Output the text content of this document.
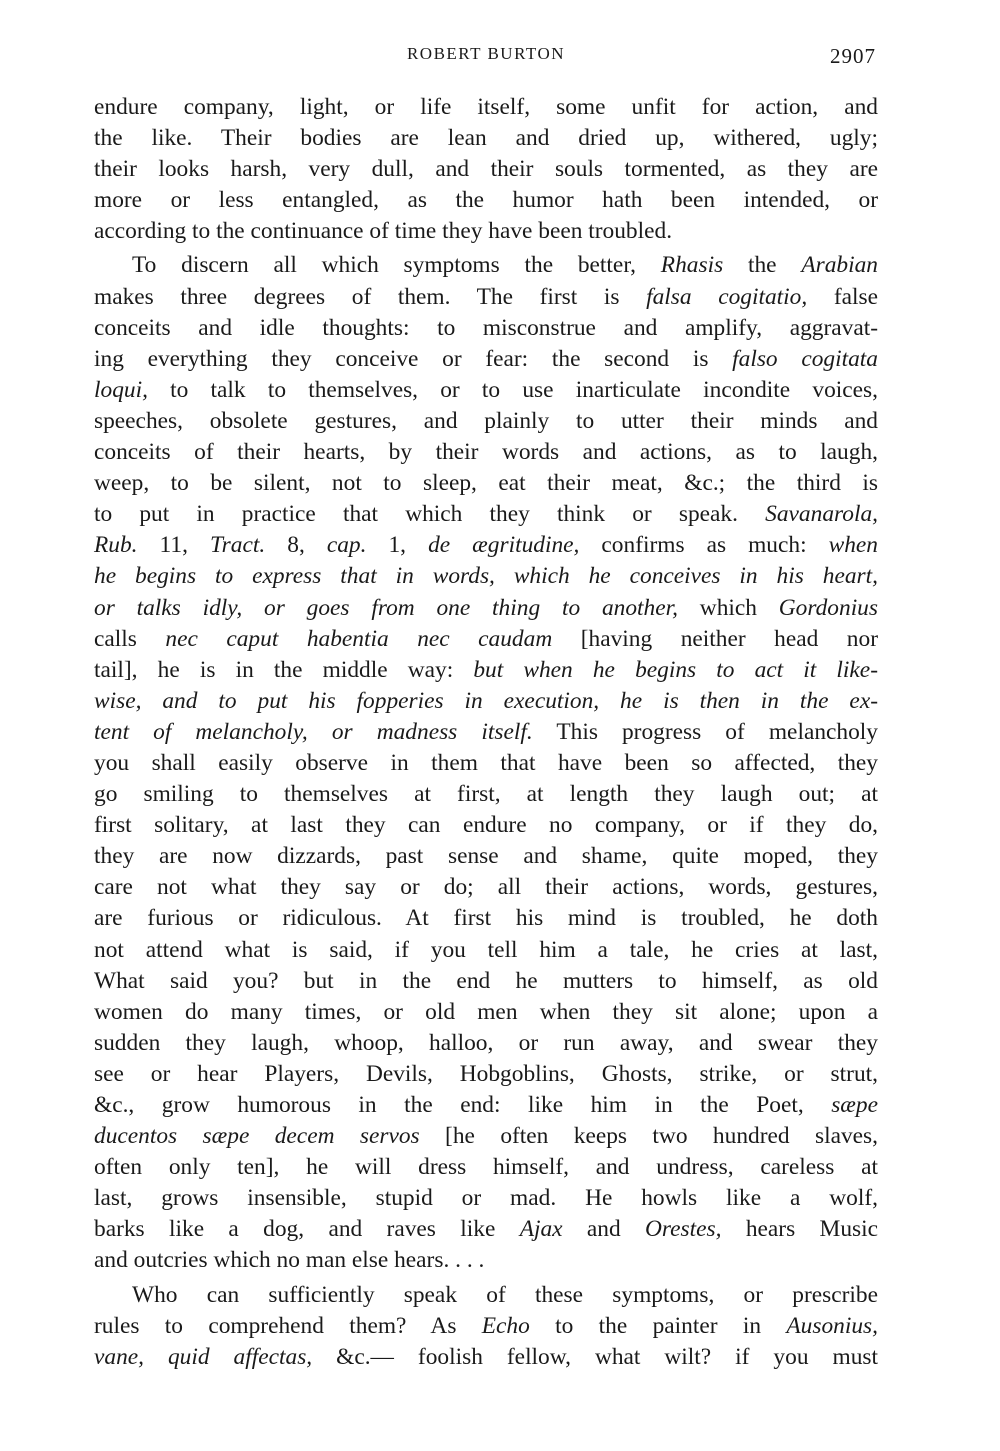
ROBERT BURTON	2907
endure company, light, or life itself, some unfit for action, and
the like. Their bodies are lean and dried up, withered, ugly;
their looks harsh, very dull, and their souls tormented, as they are
more or less entangled, as the humor hath been intended, or
according to the continuance of time they have been troubled.
To discern all which symptoms the better, Rhasis the Arabian
makes three degrees of them. The first is falsa cogitatio, false
conceits and idle thoughts: to misconstrue and amplify, aggravat-
ing everything they conceive or fear: the second is falso cogitata
loqui, to talk to themselves, or to use inarticulate incondite voices,
speeches, obsolete gestures, and plainly to utter their minds and
conceits of their hearts, by their words and actions, as to laugh,
weep, to be silent, not to sleep, eat their meat, &c.; the third is
to put in practice that which they think or speak. Savanarola,
Rub. 11, Tract. 8, cap. 1, de ægritudine, confirms as much: when
he begins to express that in words, which he conceives in his heart,
or talks idly, or goes from one thing to another, which Gordonius
calls nec caput habentia nec caudam [having neither head nor
tail], he is in the middle way: but when he begins to act it like-
wise, and to put his fopperies in execution, he is then in the ex-
tent of melancholy, or madness itself. This progress of melancholy
you shall easily observe in them that have been so affected, they
go smiling to themselves at first, at length they laugh out; at
first solitary, at last they can endure no company, or if they do,
they are now dizzards, past sense and shame, quite moped, they
care not what they say or do; all their actions, words, gestures,
are furious or ridiculous. At first his mind is troubled, he doth
not attend what is said, if you tell him a tale, he cries at last,
What said you? but in the end he mutters to himself, as old
women do many times, or old men when they sit alone; upon a
sudden they laugh, whoop, halloo, or run away, and swear they
see or hear Players, Devils, Hobgoblins, Ghosts, strike, or strut,
&c., grow humorous in the end: like him in the Poet, sæpe
ducentos sæpe decem servos [he often keeps two hundred slaves,
often only ten], he will dress himself, and undress, careless at
last, grows insensible, stupid or mad. He howls like a wolf,
barks like a dog, and raves like Ajax and Orestes, hears Music
and outcries which no man else hears. . . .
Who can sufficiently speak of these symptoms, or prescribe
rules to comprehend them? As Echo to the painter in Ausonius,
vane, quid affectas, &c.— foolish fellow, what wilt? if you must
